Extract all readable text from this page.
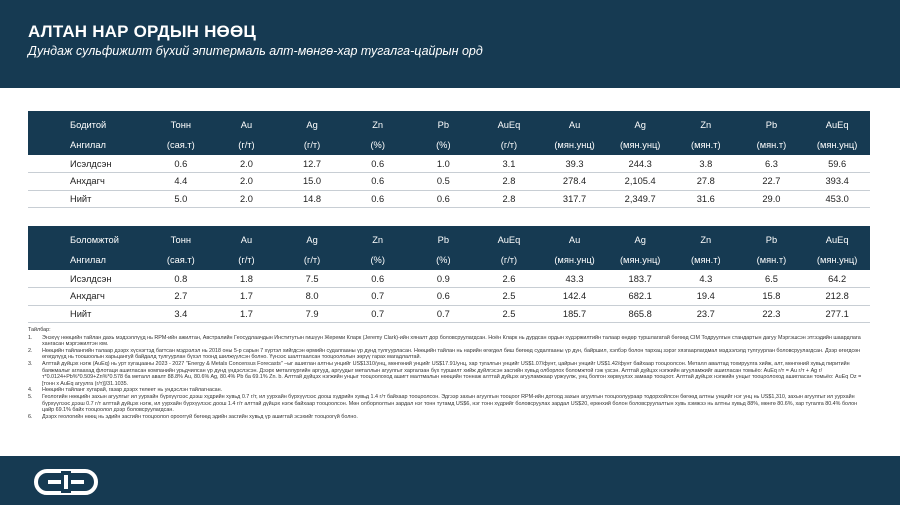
АЛТАН НАР ОРДЫН НӨӨЦ
Дундаж сульфижилт бүхий эпитермаль алт-мөнгө-хар тугалга-цайрын орд
Бодитой	Тонн	Au	Ag	Zn	Pb	AuEq	Au	Ag	Zn	Pb	AuEq
Ангилал	(сая.т)	(г/т)	(г/т)	(%)	(%)	(г/т)	(мян.унц)	(мян.унц)	(мян.т)	(мян.т)	(мян.унц)
Исэлдсэн	0.6	2.0	12.7	0.6	1.0	3.1	39.3	244.3	3.8	6.3	59.6
Анхдагч	4.4	2.0	15.0	0.6	0.5	2.8	278.4	2,105.4	27.8	22.7	393.4
Нийт	5.0	2.0	14.8	0.6	0.6	2.8	317.7	2,349.7	31.6	29.0	453.0
Боломжтой	Тонн	Au	Ag	Zn	Pb	AuEq	Au	Ag	Zn	Pb	AuEq
Ангилал	(сая.т)	(г/т)	(г/т)	(%)	(%)	(г/т)	(мян.унц)	(мян.унц)	(мян.т)	(мян.т)	(мян.унц)
Исэлдсэн	0.8	1.8	7.5	0.6	0.9	2.6	43.3	183.7	4.3	6.5	64.2
Анхдагч	2.7	1.7	8.0	0.7	0.6	2.5	142.4	682.1	19.4	15.8	212.8
Нийт	3.4	1.7	7.9	0.7	0.7	2.5	185.7	865.8	23.7	22.3	277.1
Тайлбар:
1.	Энэхүү нөөцийн тайлан дахь мэдээллүүд нь RPM-ийн ажилтан, Австралийн Геосудлаачдын Институтын гишүүн Жереми Кларк (Jeremy Clark)-ийн хяналт дор боловсруулагдсан. Ноён Кларк нь дурдсан ордын хүдэржилтийн талаар өндөр туршлагатай бөгөөд CIM Тодруулгын стандартын дагуу Мэргэшсэн этгээдийн шаардлага хангасан мэргэжилтэн юм.
2.	Нөөцийн тайлангийн талаар дээрх хүснэгтэд багтсан мэдээлэл нь 2018 оны 5-р сарын 7 хүртэл хийгдсэн өрмийн судалгааны үр дүнд тулгуурласан. Нөөцийн тайлан нь нарийн өгөгдөл биш бөгөөд судалгааны үр дүн, байршил, хэлбэр болон тархац зэрэг хязгаарлагдмал мэдээлэлд тулгуурлан боловсруулагдсан. Дээр өгөгдсөн өгөгдлүүд нь тоошоолын харьцангуй байдалд тулгуурлан бүхэл тоонд шилжүүлсэн болно. Үүнээс шалтгаалсан тооцоололын зөрүү гарах магадлалтай.
3.	Алттай дүйцэх нэгж (AuEq) нь урт хугацааны 2023 - 2027 "Energy & Metals Concensus Forecasts" –ыг ашиглан алтны унцийг US$1310/унц, мөнгөний унцийг US$17.91/унц, хар тугалгын унцийг US$1.07/фунт, цайрын унцийг US$1.42/фунт байхаар тооцоолсон. Металл авалтад тохируулга хийж, алт, мөнгөний хувьд пиритийн баяжмалыг аглаахад флотаци ашигласан компанийн урьдчилсан үр дүнд үндэслэсэн. Дээрх металлургийн аргууд, аргуудыг металлын агуулгыг харгалзан бүх туршилт хийж дүйлгэсэн засгийн хувьд олборлох боломжтой гэж үзсэн. Алттай дүйцэх нэгжийн агууламжийг ашигласан томьёо: AuEq г/т = Au г/т + Ag г/т*0.0124+Pb%*0.509+Zn%*0.578 ба металл авалт 88.8% Au, 80.6% Ag, 80.4% Pb ба 69.1% Zn. b. Алттай дүйцэх нэгжийн унцыг тооцоолоход ашигт малтмалын нөөцийн тоннаж алттай дүйцэх агууламжаар үржүүлж, унц болгон хөрвүүлэх замаар тооцоот. Алттай дүйцэх нэгжийн унцыг тооцоолоход ашигласан томьёо: AuEq Oz = [тонн x AuEq агуулга (г/т)]/31.1035.
4.	Нөөцийн тайланг хугарай, газар дээрх телеет нь ундэслэн тайлагнасан.
5.	Геологийн нөөцийн захын агуулгыг ил уурхайн бүрхүүлээс дээш хүдрийн хувьд 0.7 г/т, ил уурхайн бүрхүүлээс доош хүдрийн хувьд 1.4 г/т байхаар тооцоолсон. Эдгээр захын агуулгын тооцоог RPM-ийн дотоод захын агуулгын тооцоолуураар тодорхойлсон бөгөөд алтны унцийг нэг унц нь US$1,310, захын агуулгыг ил уурхайн бүрхүүлээс дээш 0.7 г/т алттай дүйцэх нэгж, ил уурхайн бүрхүүлээс доош 1.4 г/т алттай дүйцэх нэгж байхаар тооцоолсон. Мөн олборлолтын зардал нэг тонн тутамд US$6, нэг тонн хүдрийг боловсруулах зардал US$20, ерөнхий болон боловсруулалтын хувь хэмжээ нь алтны хувьд 88%, мөнгө 80.6%, хар тугалга 80.4% болон цайр 69.1% байх тооцоолол дээр боловсруулагдсан.
6.	Дээрх геологийн нөөц нь эдийн засгийн тооцоолол орооггүй бөгөөд эдийн засгийн хувьд үр ашигтай эсэхийг тооцоогүй болно.
